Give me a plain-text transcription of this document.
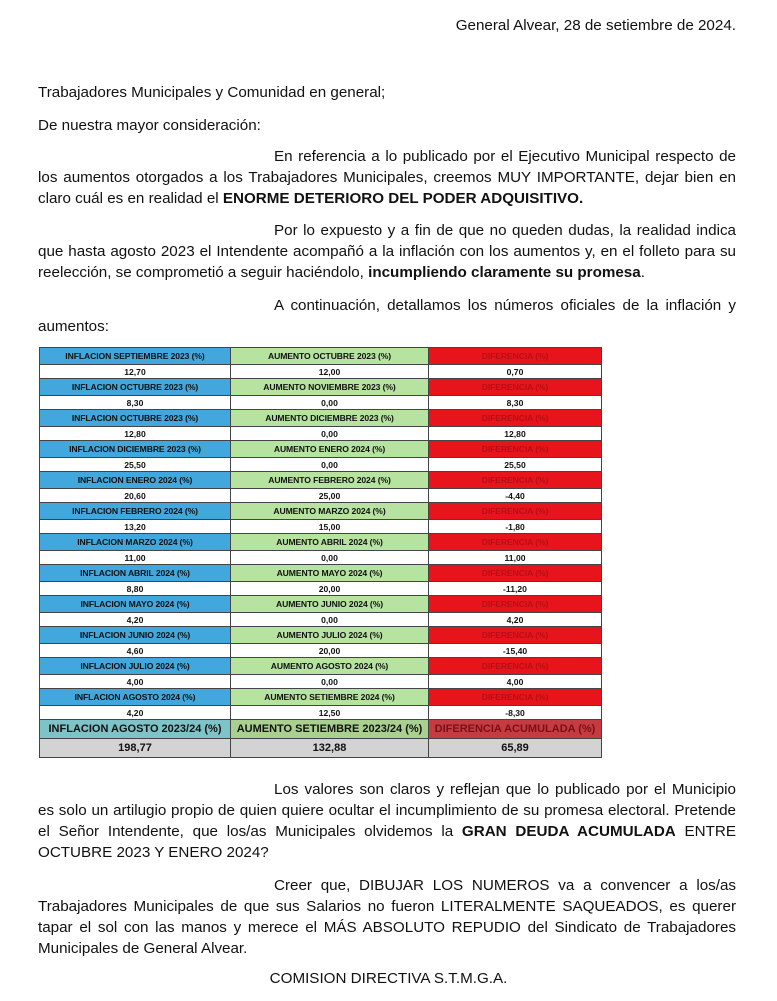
General Alvear, 28 de setiembre de 2024.

Trabajadores Municipales y Comunidad en general;

De nuestra mayor consideración:

En referencia a lo publicado por el Ejecutivo Municipal respecto de los aumentos otorgados a los Trabajadores Municipales, creemos MUY IMPORTANTE, dejar bien en claro cuál es en realidad el ENORME DETERIORO DEL PODER ADQUISITIVO.

Por lo expuesto y a fin de que no queden dudas, la realidad indica que hasta agosto 2023 el Intendente acompañó a la inflación con los aumentos y, en el folleto para su reelección, se comprometió a seguir haciéndolo, incumpliendo claramente su promesa.

A continuación, detallamos los números oficiales de la inflación y aumentos:

INFLACION SEPTIEMBRE 2023 (%)	AUMENTO OCTUBRE 2023 (%)	DIFERENCIA (%)
12,70	12,00	0,70
INFLACION OCTUBRE 2023 (%)	AUMENTO NOVIEMBRE 2023 (%)	DIFERENCIA (%)
8,30	0,00	8,30
INFLACION OCTUBRE 2023 (%)	AUMENTO DICIEMBRE 2023 (%)	DIFERENCIA (%)
12,80	0,00	12,80
INFLACION DICIEMBRE 2023 (%)	AUMENTO ENERO 2024 (%)	DIFERENCIA (%)
25,50	0,00	25,50
INFLACION ENERO 2024 (%)	AUMENTO FEBRERO 2024 (%)	DIFERENCIA (%)
20,60	25,00	-4,40
INFLACION FEBRERO 2024 (%)	AUMENTO MARZO 2024 (%)	DIFERENCIA (%)
13,20	15,00	-1,80
INFLACION MARZO 2024 (%)	AUMENTO ABRIL 2024 (%)	DIFERENCIA (%)
11,00	0,00	11,00
INFLACION ABRIL 2024 (%)	AUMENTO MAYO 2024 (%)	DIFERENCIA (%)
8,80	20,00	-11,20
INFLACION MAYO 2024 (%)	AUMENTO JUNIO 2024 (%)	DIFERENCIA (%)
4,20	0,00	4,20
INFLACION JUNIO 2024 (%)	AUMENTO JULIO 2024 (%)	DIFERENCIA (%)
4,60	20,00	-15,40
INFLACION JULIO 2024 (%)	AUMENTO AGOSTO 2024 (%)	DIFERENCIA (%)
4,00	0,00	4,00
INFLACION AGOSTO 2024 (%)	AUMENTO SETIEMBRE 2024 (%)	DIFERENCIA (%)
4,20	12,50	-8,30
INFLACION AGOSTO 2023/24 (%)	AUMENTO SETIEMBRE 2023/24 (%)	DIFERENCIA ACUMULADA (%)
198,77	132,88	65,89

Los valores son claros y reflejan que lo publicado por el Municipio es solo un artilugio propio de quien quiere ocultar el incumplimiento de su promesa electoral. Pretende el Señor Intendente, que los/as Municipales olvidemos la GRAN DEUDA ACUMULADA ENTRE OCTUBRE 2023 Y ENERO 2024?

Creer que, DIBUJAR LOS NUMEROS va a convencer a los/as Trabajadores Municipales de que sus Salarios no fueron LITERALMENTE SAQUEADOS, es querer tapar el sol con las manos y merece el MÁS ABSOLUTO REPUDIO del Sindicato de Trabajadores Municipales de General Alvear.

COMISION DIRECTIVA S.T.M.G.A.
